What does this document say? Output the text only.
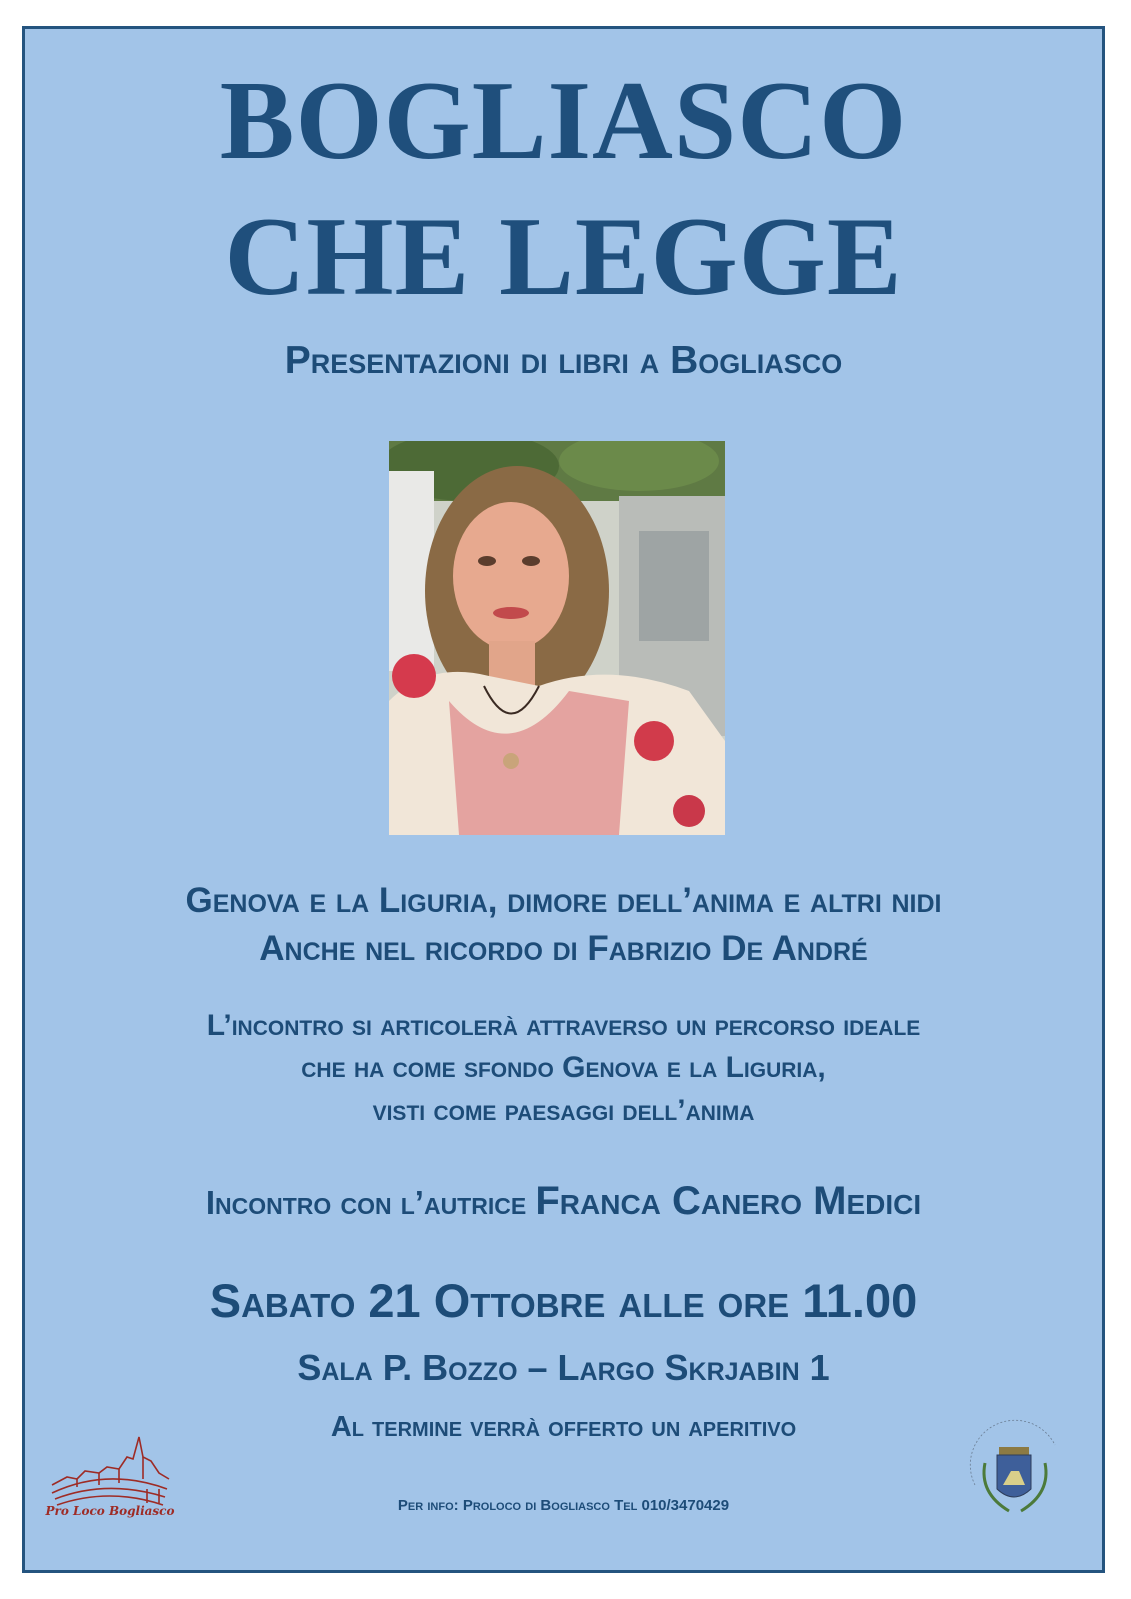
BOGLIASCO
CHE LEGGE
Presentazioni di libri a Bogliasco
Genova e la Liguria, dimore dell’anima e altri nidi
Anche nel ricordo di Fabrizio De André
L’incontro si articolerà attraverso un percorso ideale
che ha come sfondo Genova e la Liguria,
visti come paesaggi dell’anima
Incontro con l’autrice Franca Canero Medici
Sabato 21 Ottobre alle ore 11.00
Sala P. Bozzo – Largo Skrjabin 1
Al termine verrà offerto un aperitivo
Per info: Proloco di Bogliasco Tel 010/3470429
Pro Loco Bogliasco
